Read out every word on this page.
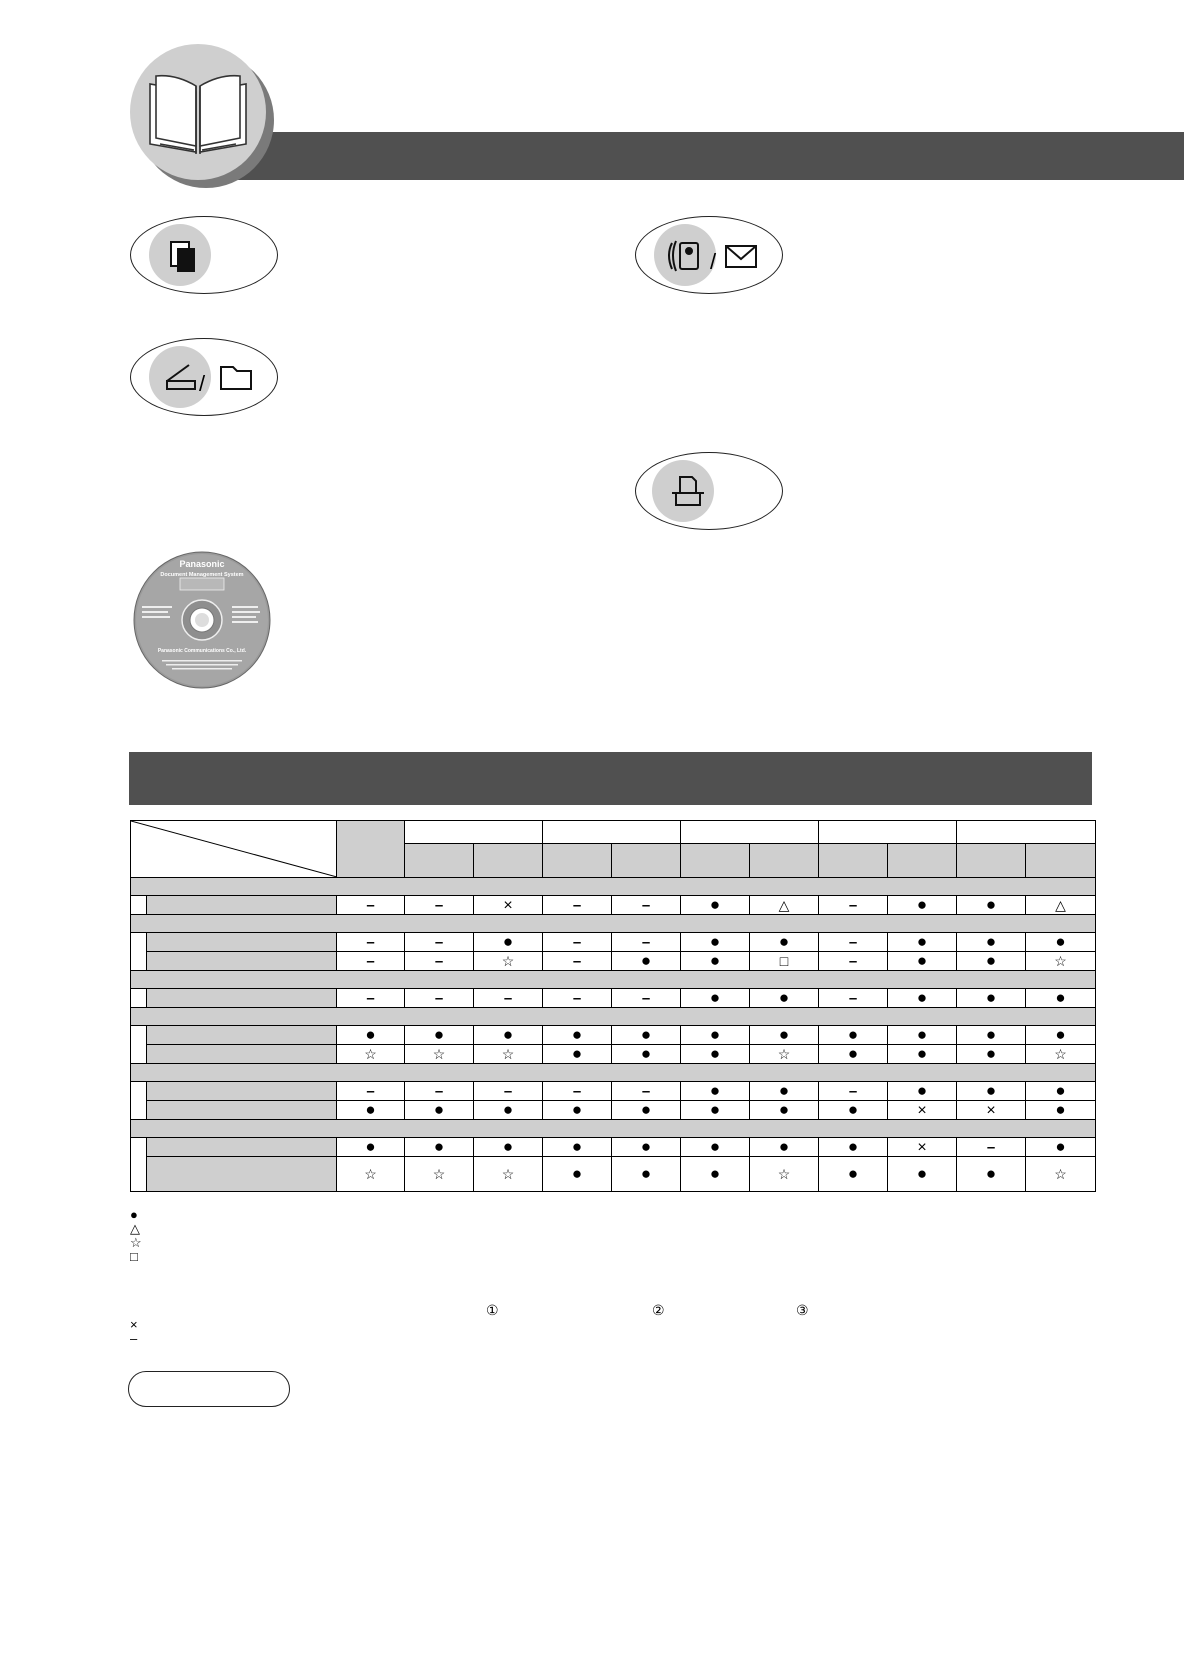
/
/
Panasonic
Document Management System
Panasonic Communications Co., Ltd.

		–	–	×	–	–	●	△	–	●	●	△

		–	–	●	–	–	●	●	–	●	●	●
		–	–	☆	–	●	●	□	–	●	●	☆

		–	–	–	–	–	●	●	–	●	●	●

		●	●	●	●	●	●	●	●	●	●	●
		☆	☆	☆	●	●	●	☆	●	●	●	☆

		–	–	–	–	–	●	●	–	●	●	●
		●	●	●	●	●	●	●	●	×	×	●

		●	●	●	●	●	●	●	●	×	–	●
		☆	☆	☆	●	●	●	☆	●	●	●	☆
●
△
☆
□
①	②	③
×
–
